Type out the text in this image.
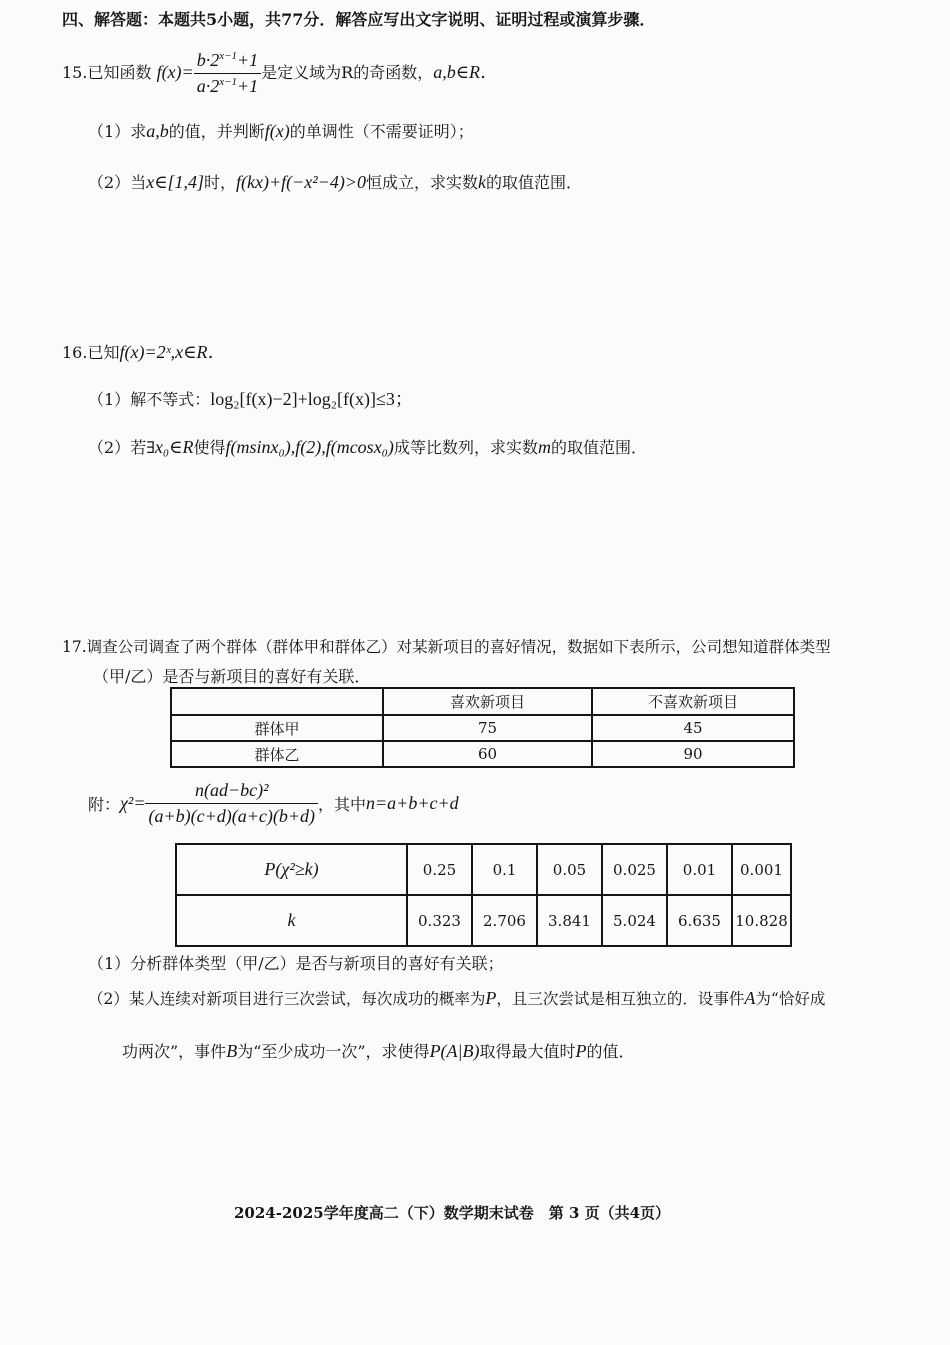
四、解答题：本题共5小题，共77分．解答应写出文字说明、证明过程或演算步骤．
15.已知函数 $f(x)= \frac{b\cdot 2^{x-1}+1}{a\cdot 2^{x-1}+1}$ 是定义域为R的奇函数，a,b∈R．
（1）求a,b的值，并判断f(x)的单调性（不需要证明）；
（2）当x∈[1,4]时，f(kx)+f(−x²−4)>0恒成立，求实数k的取值范围．
16.已知f(x)=2ˣ,x∈R．
（1）解不等式：log₂[f(x)−2]+log₂[f(x)]≤3；
（2）若∃x₀∈R使得f(msinx₀),f(2),f(mcosx₀)成等比数列，求实数m的取值范围．
17.调查公司调查了两个群体（群体甲和群体乙）对某新项目的喜好情况，数据如下表所示，公司想知道群体类型
（甲/乙）是否与新项目的喜好有关联．
	喜欢新项目	不喜欢新项目
群体甲	75	45
群体乙	60	90
附：$\chi^2= \frac{\text{n(ad−bc)²}}{(a+b)(c+d)(a+c)(b+d)}$ ，其中n=a+b+c+d
P(χ²≥k)	0.25	0.1	0.05	0.025	0.01	0.001
k	0.323	2.706	3.841	5.024	6.635	10.828
（1）分析群体类型（甲/乙）是否与新项目的喜好有关联；
（2）某人连续对新项目进行三次尝试，每次成功的概率为P，且三次尝试是相互独立的．设事件A为“恰好成
功两次”，事件B为“至少成功一次”，求使得P(A|B)取得最大值时P的值．
2024-2025学年度高二（下）数学期末试卷　第 3 页（共4页）
